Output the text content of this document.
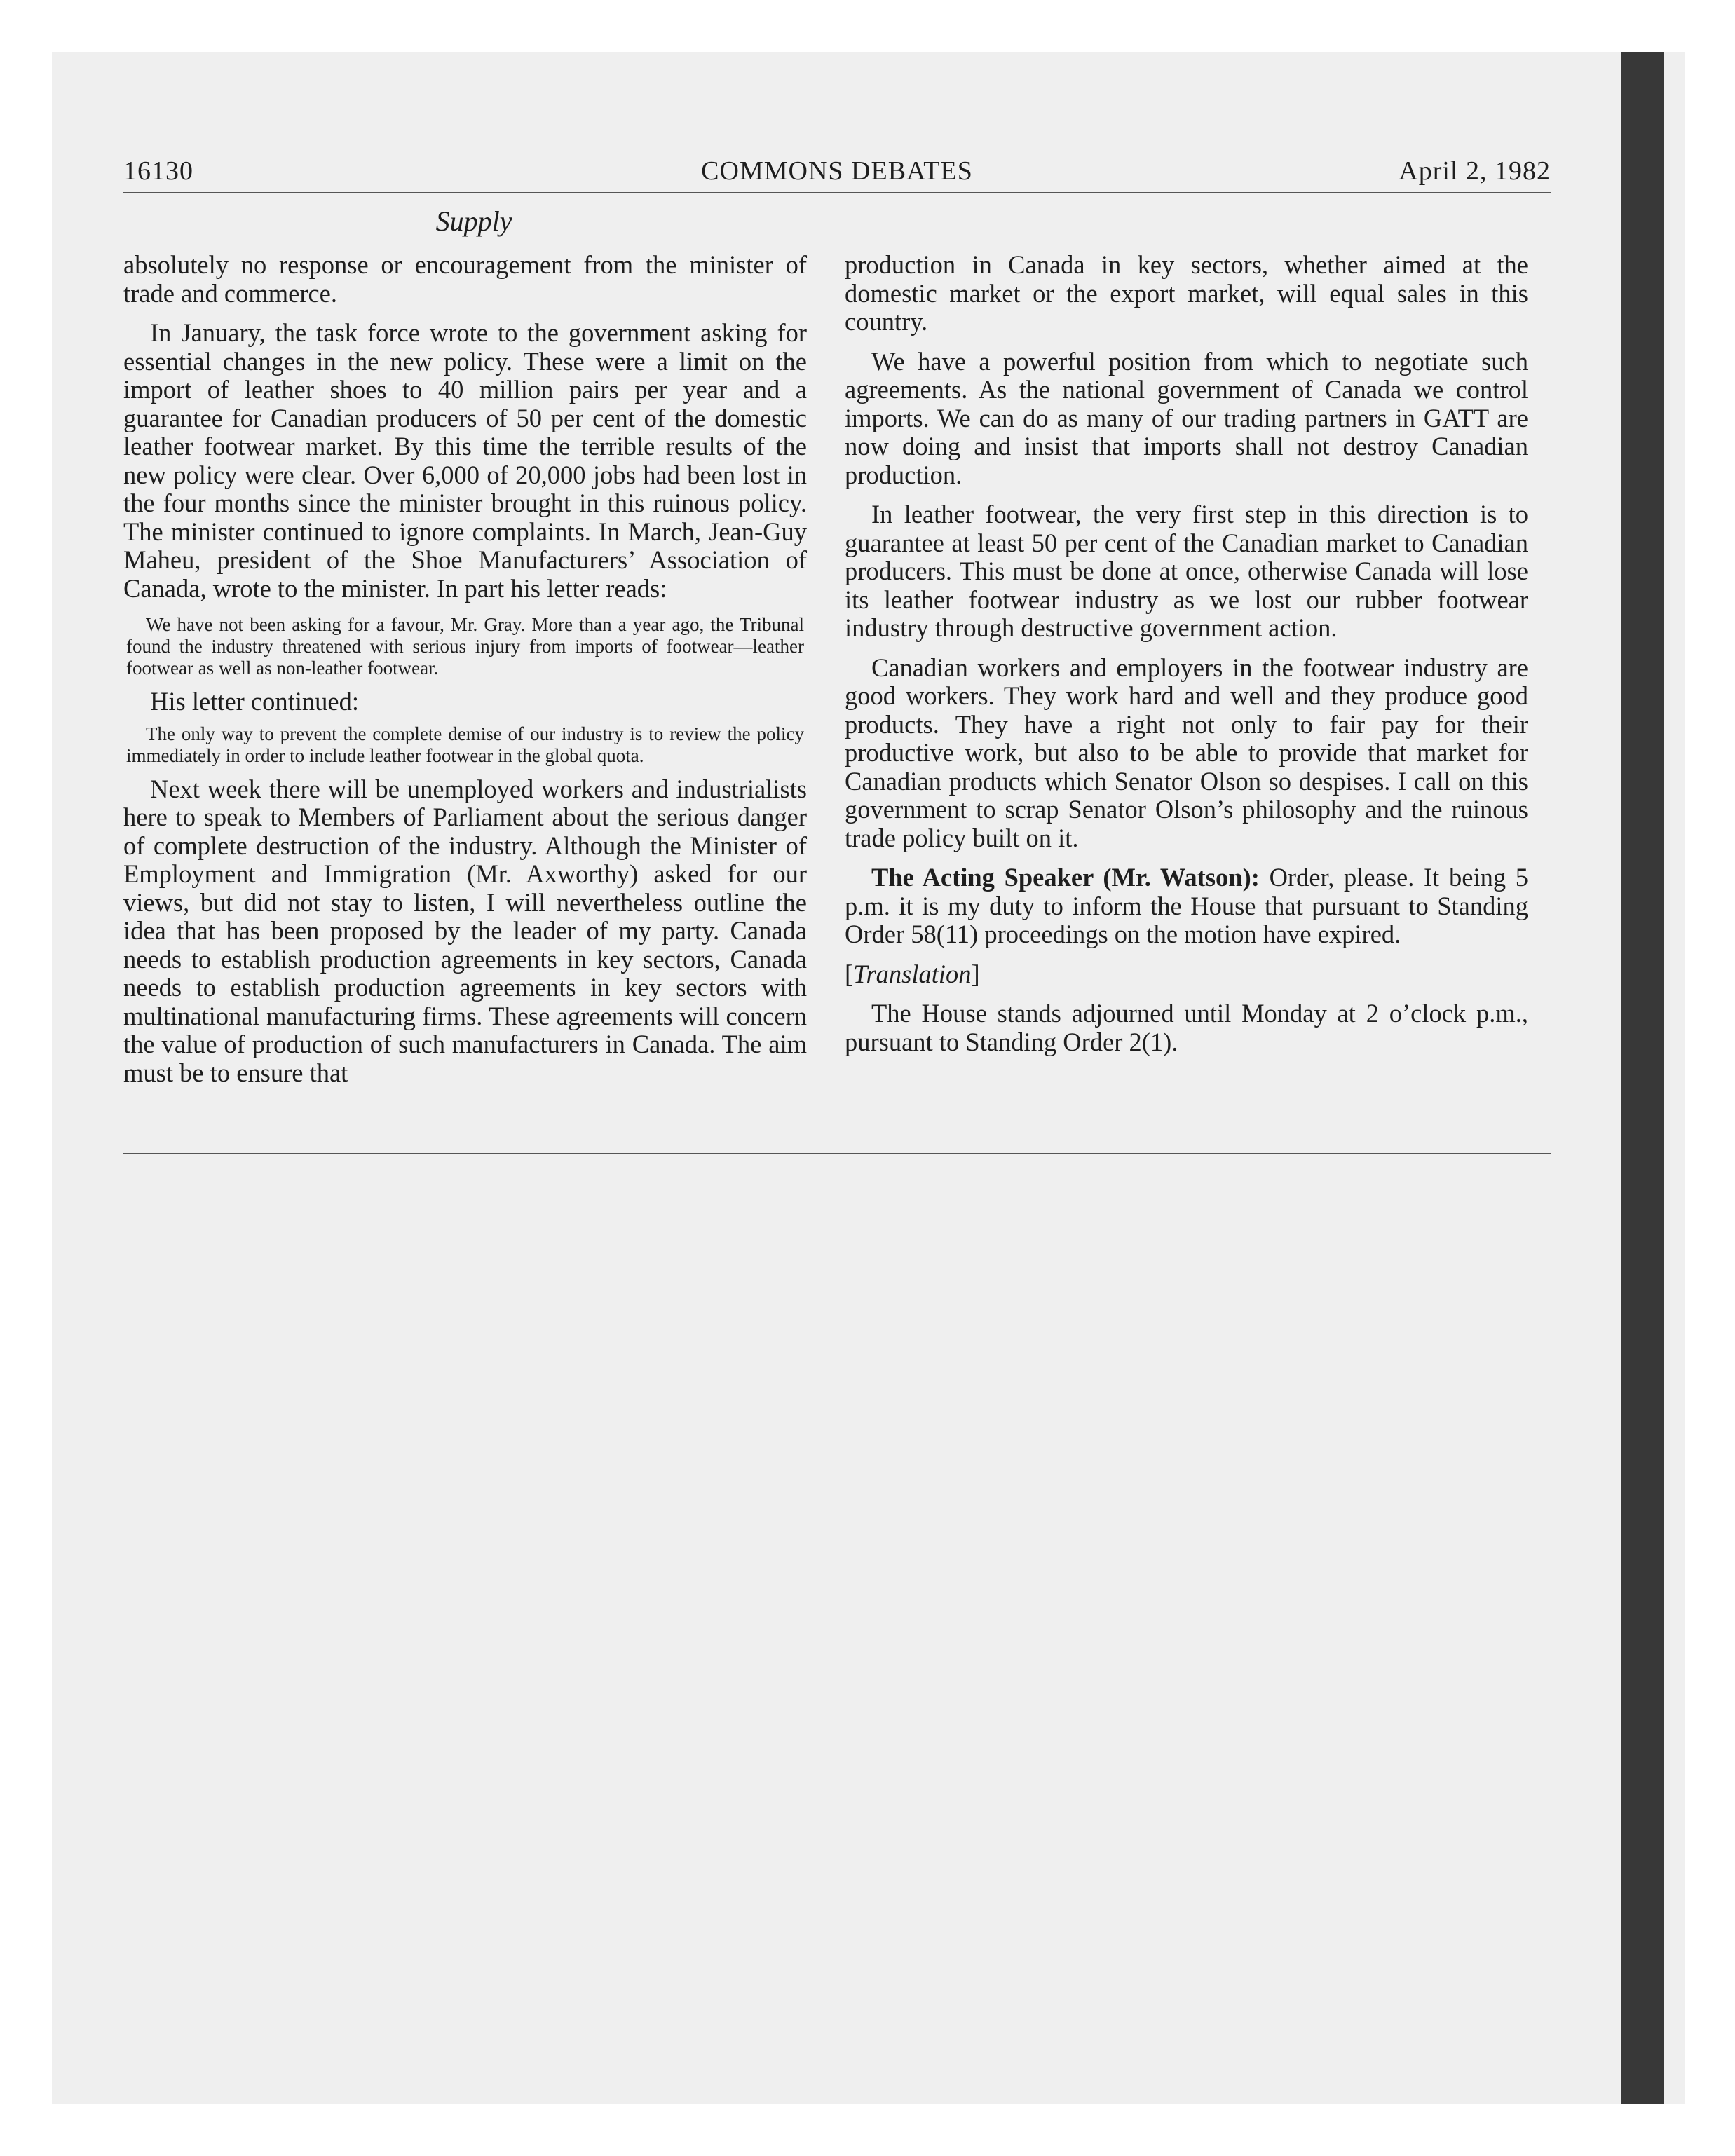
16130	COMMONS DEBATES	April 2, 1982
Supply

absolutely no response or encouragement from the minister of trade and commerce.

In January, the task force wrote to the government asking for essential changes in the new policy. These were a limit on the import of leather shoes to 40 million pairs per year and a guarantee for Canadian producers of 50 per cent of the domestic leather footwear market. By this time the terrible results of the new policy were clear. Over 6,000 of 20,000 jobs had been lost in the four months since the minister brought in this ruinous policy. The minister continued to ignore complaints. In March, Jean-Guy Maheu, president of the Shoe Manufacturers’ Association of Canada, wrote to the minister. In part his letter reads:

We have not been asking for a favour, Mr. Gray. More than a year ago, the Tribunal found the industry threatened with serious injury from imports of footwear—leather footwear as well as non-leather footwear.

His letter continued:

The only way to prevent the complete demise of our industry is to review the policy immediately in order to include leather footwear in the global quota.

Next week there will be unemployed workers and industrialists here to speak to Members of Parliament about the serious danger of complete destruction of the industry. Although the Minister of Employment and Immigration (Mr. Axworthy) asked for our views, but did not stay to listen, I will nevertheless outline the idea that has been proposed by the leader of my party. Canada needs to establish production agreements in key sectors, Canada needs to establish production agreements in key sectors with multinational manufacturing firms. These agreements will concern the value of production of such manufacturers in Canada. The aim must be to ensure that

production in Canada in key sectors, whether aimed at the domestic market or the export market, will equal sales in this country.

We have a powerful position from which to negotiate such agreements. As the national government of Canada we control imports. We can do as many of our trading partners in GATT are now doing and insist that imports shall not destroy Canadian production.

In leather footwear, the very first step in this direction is to guarantee at least 50 per cent of the Canadian market to Canadian producers. This must be done at once, otherwise Canada will lose its leather footwear industry as we lost our rubber footwear industry through destructive government action.

Canadian workers and employers in the footwear industry are good workers. They work hard and well and they produce good products. They have a right not only to fair pay for their productive work, but also to be able to provide that market for Canadian products which Senator Olson so despises. I call on this government to scrap Senator Olson’s philosophy and the ruinous trade policy built on it.

The Acting Speaker (Mr. Watson): Order, please. It being 5 p.m. it is my duty to inform the House that pursuant to Standing Order 58(11) proceedings on the motion have expired.

[Translation]

The House stands adjourned until Monday at 2 o’clock p.m., pursuant to Standing Order 2(1).
